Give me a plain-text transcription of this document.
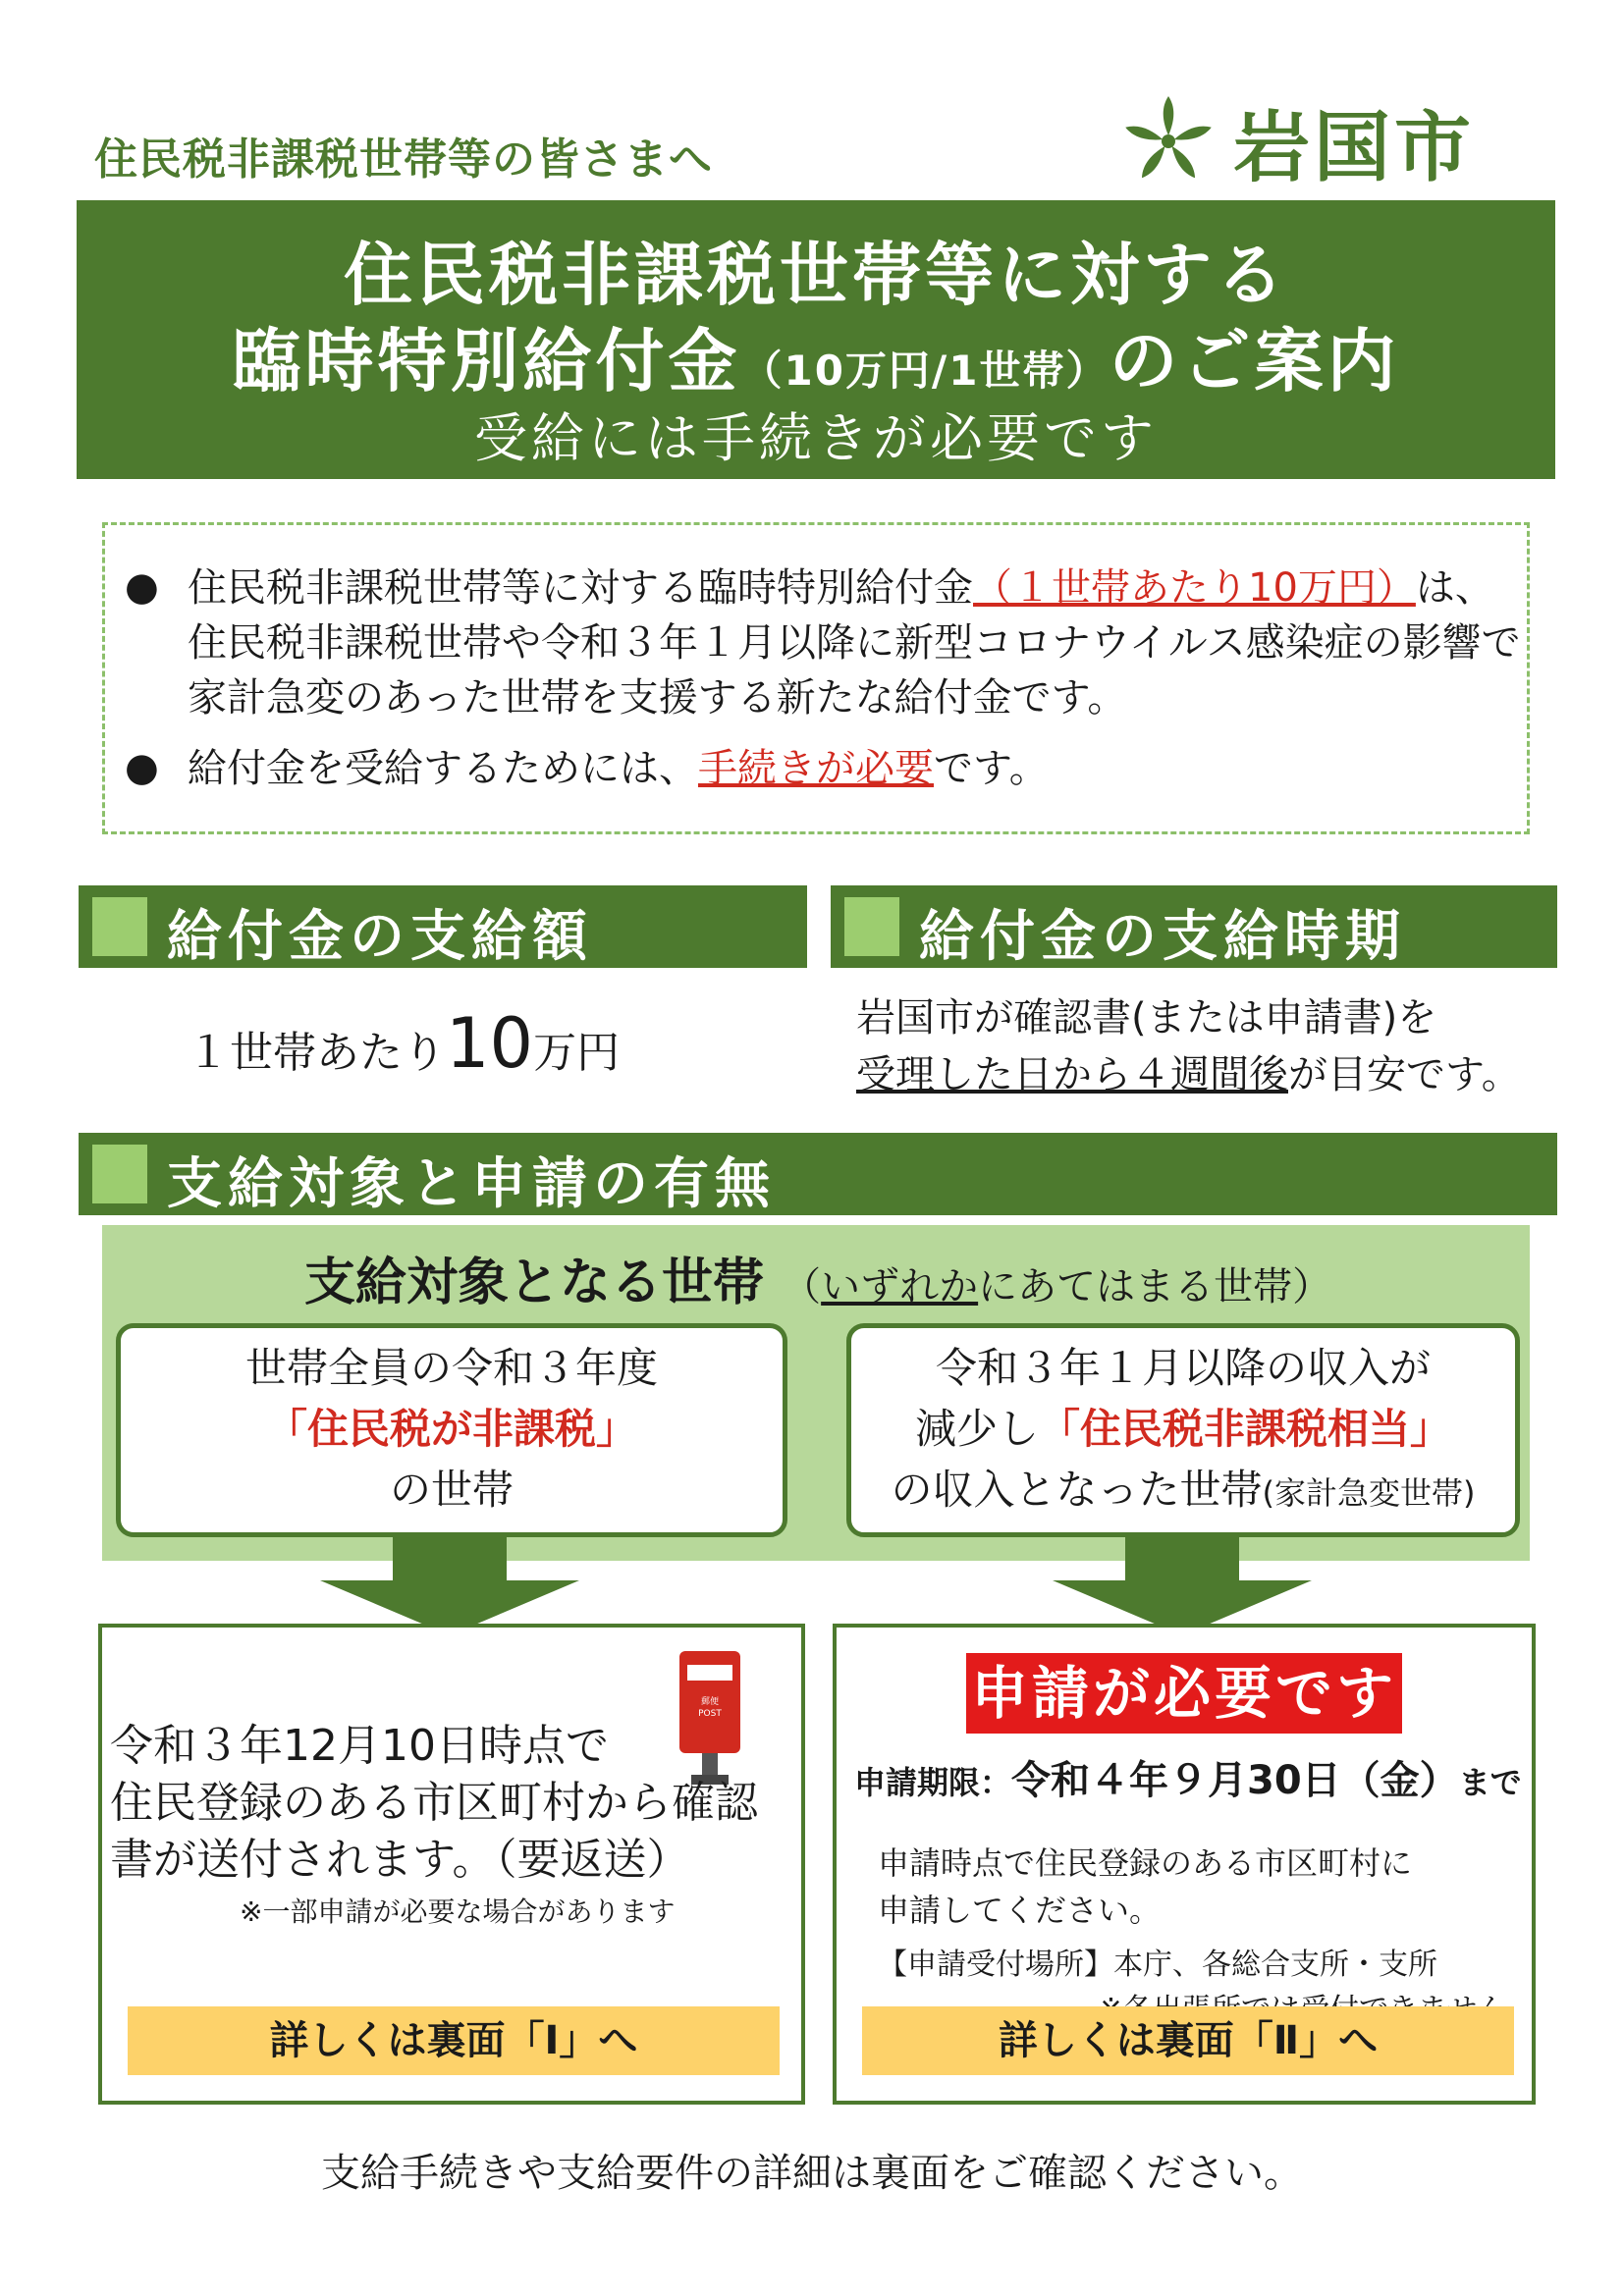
住民税非課税世帯等の皆さまへ	岩国市
住民税非課税世帯等に対する
臨時特別給付金（10万円/1世帯）のご案内
受給には手続きが必要です
● 住民税非課税世帯等に対する臨時特別給付金（１世帯あたり10万円）は、住民税非課税世帯や令和３年１月以降に新型コロナウイルス感染症の影響で家計急変のあった世帯を支援する新たな給付金です。
● 給付金を受給するためには、手続きが必要です。
給付金の支給額	給付金の支給時期
１世帯あたり10万円
岩国市が確認書(または申請書)を
受理した日から４週間後が目安です。
支給対象と申請の有無
支給対象となる世帯 （いずれかにあてはまる世帯）
世帯全員の令和３年度
「住民税が非課税」
の世帯
令和３年１月以降の収入が
減少し「住民税非課税相当」
の収入となった世帯(家計急変世帯)
郵便
POST
令和３年12月10日時点で
住民登録のある市区町村から確認
書が送付されます。（要返送）
※一部申請が必要な場合があります
詳しくは裏面「Ⅰ」へ
申請が必要です
申請期限：令和４年９月30日（金）まで
申請時点で住民登録のある市区町村に
申請してください。
【申請受付場所】本庁、各総合支所・支所
詳しくは裏面「Ⅱ」へ
支給手続きや支給要件の詳細は裏面をご確認ください。
